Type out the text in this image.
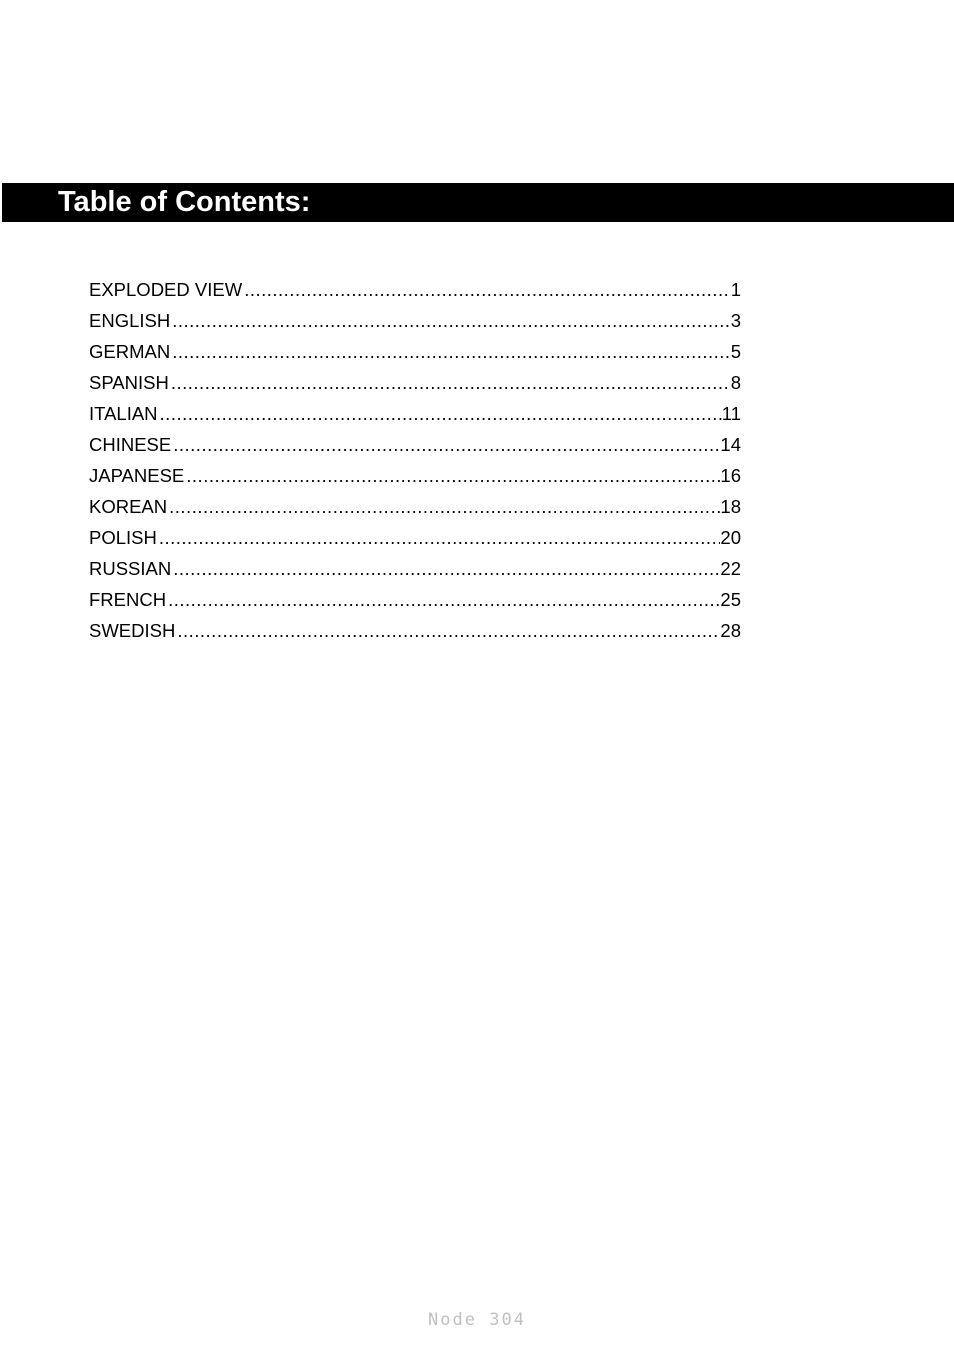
Table of Contents:
EXPLODED VIEW .....	1
ENGLISH .....	3
GERMAN .....	5
SPANISH .....	8
ITALIAN .....	11
CHINESE .....	14
JAPANESE .....	16
KOREAN .....	18
POLISH .....	20
RUSSIAN .....	22
FRENCH .....	25
SWEDISH .....	28
Node 304
